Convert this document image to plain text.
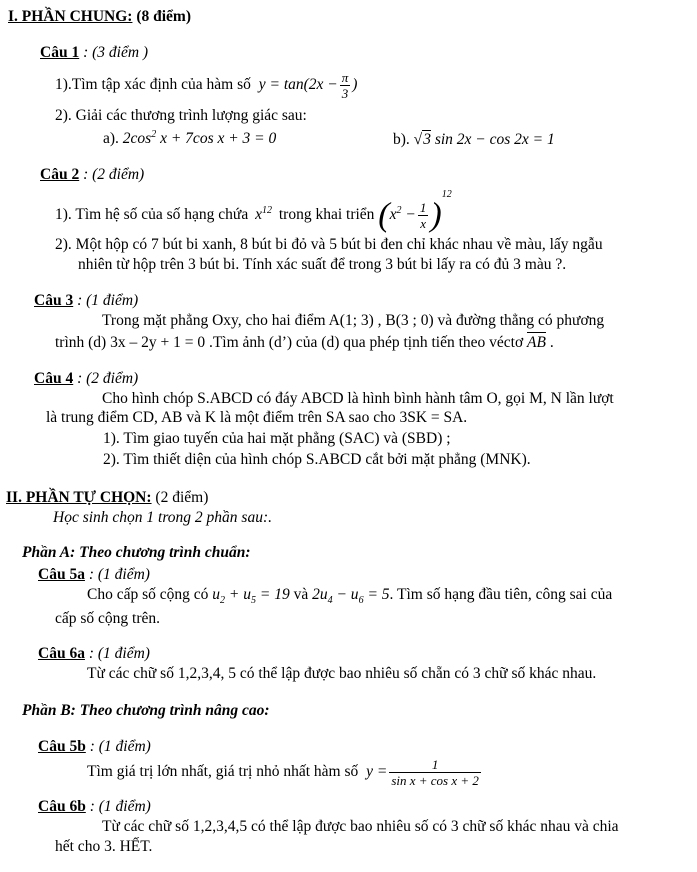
I. PHẦN CHUNG: (8 điểm)
Câu 1 : (3 điểm )
1).Tìm tập xác định của hàm số $y = \tan(2x - \frac{\pi}{3}$ )
2). Giải các thương trình lượng giác sau:
a). $2\cos^2$ x + 7cos x + 3 = 0	b). √3 sin 2x − cos 2x = 1
Câu 2 : (2 điểm)
1). Tìm hệ số của số hạng chứa $x^{12}$ trong khai triển $(x^2 - \frac{1}{x} )^{12}$
2). Một hộp có 7 bút bi xanh, 8 bút bi đỏ và 5 bút bi đen chỉ khác nhau về màu, lấy ngẫu
nhiên từ hộp trên 3 bút bi. Tính xác suất để trong 3 bút bi lấy ra có đủ 3 màu ?.
Câu 3 : (1 điểm)
Trong mặt phẳng Oxy, cho hai điểm A(1; 3) , B(3 ; 0) và đường thẳng có phương
trình (d) 3x – 2y + 1 = 0 .Tìm ảnh (d’) của (d) qua phép tịnh tiến theo véctơ AB .
Câu 4 : (2 điểm)
Cho hình chóp S.ABCD có đáy ABCD là hình bình hành tâm O, gọi M, N lần lượt
là trung điểm CD, AB và K là một điểm trên SA sao cho 3SK = SA.
1). Tìm giao tuyến của hai mặt phẳng (SAC) và (SBD) ;
2). Tìm thiết diện của hình chóp S.ABCD cắt bởi mặt phẳng (MNK).
II. PHẦN TỰ CHỌN: (2 điểm)
Học sinh chọn 1 trong 2 phần sau:.
Phần A: Theo chương trình chuẩn:
Câu 5a : (1 điểm)
Cho cấp số cộng có $u_2 + u_5 = 19$ và $2u_4 - u_6 = 5$. Tìm số hạng đầu tiên, công sai của
cấp số cộng trên.
Câu 6a : (1 điểm)
Từ các chữ số 1,2,3,4, 5 có thể lập được bao nhiêu số chẵn có 3 chữ số khác nhau.
Phần B: Theo chương trình nâng cao:
Câu 5b : (1 điểm)
Tìm giá trị lớn nhất, giá trị nhỏ nhất hàm số $y = \frac{1}{\text{sin x + cos x + 2}}$
Câu 6b : (1 điểm)
Từ các chữ số 1,2,3,4,5 có thể lập được bao nhiêu số có 3 chữ số khác nhau và chia
hết cho 3. HẾT.
